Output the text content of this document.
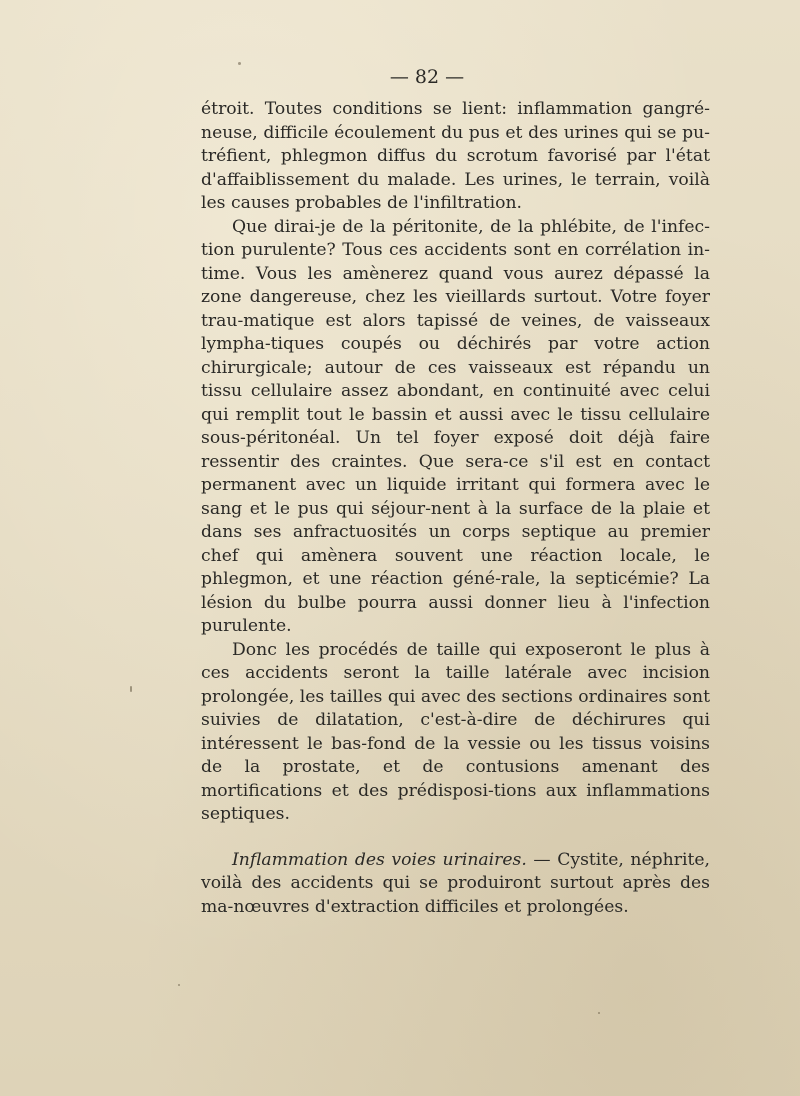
— 82 —

étroit. Toutes conditions se lient: inflammation gangré-neuse, difficile écoulement du pus et des urines qui se pu-tréfient, phlegmon diffus du scrotum favorisé par l'état d'affaiblissement du malade. Les urines, le terrain, voilà les causes probables de l'infiltration.

Que dirai-je de la péritonite, de la phlébite, de l'infec-tion purulente? Tous ces accidents sont en corrélation in-time. Vous les amènerez quand vous aurez dépassé la zone dangereuse, chez les vieillards surtout. Votre foyer trau-matique est alors tapissé de veines, de vaisseaux lympha-tiques coupés ou déchirés par votre action chirurgicale; autour de ces vaisseaux est répandu un tissu cellulaire assez abondant, en continuité avec celui qui remplit tout le bassin et aussi avec le tissu cellulaire sous-péritonéal. Un tel foyer exposé doit déjà faire ressentir des craintes. Que sera-ce s'il est en contact permanent avec un liquide irritant qui formera avec le sang et le pus qui séjour-nent à la surface de la plaie et dans ses anfractuosités un corps septique au premier chef qui amènera souvent une réaction locale, le phlegmon, et une réaction géné-rale, la septicémie? La lésion du bulbe pourra aussi donner lieu à l'infection purulente.

Donc les procédés de taille qui exposeront le plus à ces accidents seront la taille latérale avec incision prolongée, les tailles qui avec des sections ordinaires sont suivies de dilatation, c'est-à-dire de déchirures qui intéressent le bas-fond de la vessie ou les tissus voisins de la prostate, et de contusions amenant des mortifications et des prédisposi-tions aux inflammations septiques.

Inflammation des voies urinaires. — Cystite, néphrite, voilà des accidents qui se produiront surtout après des ma-nœuvres d'extraction difficiles et prolongées.
